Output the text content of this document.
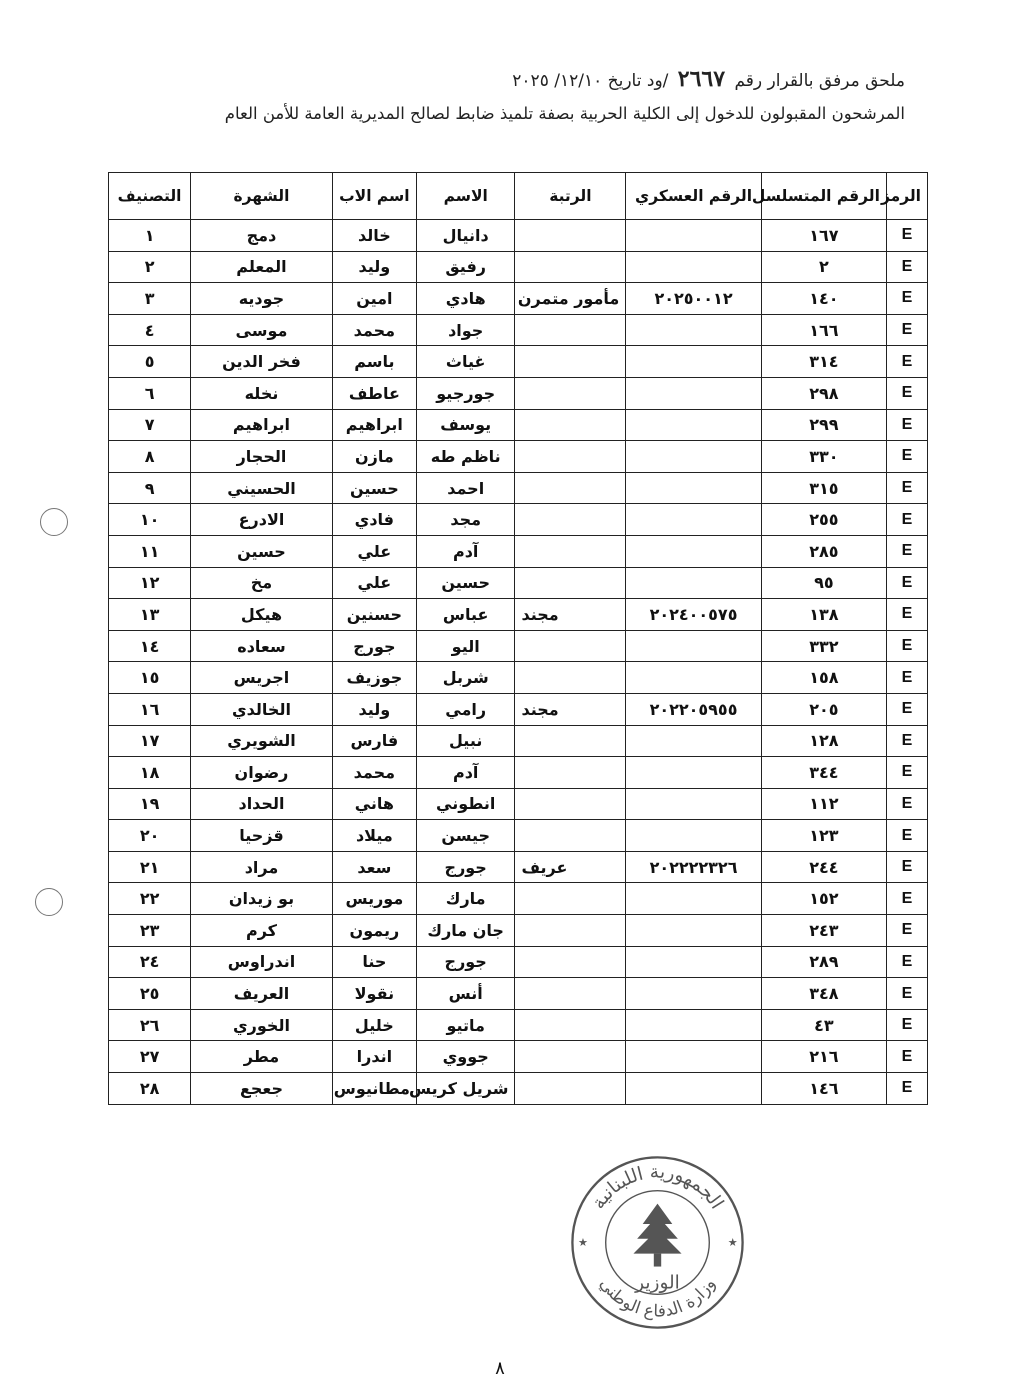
ملحق مرفق بالقرار رقم ٢٦٦٧ /ود تاريخ ١٢/١٠/ ٢٠٢٥
المرشحون المقبولون للدخول إلى الكلية الحربية بصفة تلميذ ضابط لصالح المديرية العامة للأمن العام
الرمز	الرقم المتسلسل	الرقم العسكري	الرتبة	الاسم	اسم الاب	الشهرة	التصنيف
E	١٦٧			دانيال	خالد	دمج	١
E	٢			رفيق	وليد	المعلم	٢
E	١٤٠	٢٠٢٥٠٠١٢	مأمور متمرن	هادي	امين	جوديه	٣
E	١٦٦			جواد	محمد	موسى	٤
E	٣١٤			غياث	باسم	فخر الدين	٥
E	٢٩٨			جورجيو	عاطف	نخله	٦
E	٢٩٩			يوسف	ابراهيم	ابراهيم	٧
E	٣٣٠			ناظم طه	مازن	الحجار	٨
E	٣١٥			احمد	حسين	الحسيني	٩
E	٢٥٥			مجد	فادي	الادرع	١٠
E	٢٨٥			آدم	علي	حسين	١١
E	٩٥			حسين	علي	مخ	١٢
E	١٣٨	٢٠٢٤٠٠٥٧٥	مجند	عباس	حسنين	هيكل	١٣
E	٣٣٢			اليو	جورج	سعاده	١٤
E	١٥٨			شربل	جوزيف	اجريس	١٥
E	٢٠٥	٢٠٢٢٠٥٩٥٥	مجند	رامي	وليد	الخالدي	١٦
E	١٢٨			نبيل	فارس	الشويري	١٧
E	٣٤٤			آدم	محمد	رضوان	١٨
E	١١٢			انطوني	هاني	الحداد	١٩
E	١٢٣			جيسن	ميلاد	قزحيا	٢٠
E	٢٤٤	٢٠٢٢٢٢٣٢٦	عريف	جورج	سعد	مراد	٢١
E	١٥٢			مارك	موريس	بو زيدان	٢٢
E	٢٤٣			جان مارك	ريمون	كرم	٢٣
E	٢٨٩			جورج	حنا	اندراوس	٢٤
E	٣٤٨			أنس	نقولا	العريف	٢٥
E	٤٣			ماتيو	خليل	الخوري	٢٦
E	٢١٦			جووي	اندرا	مطر	٢٧
E	١٤٦			شريل كريس	مطانيوس	جعجع	٢٨
الجمهورية اللبنانية
وزارة الدفاع الوطني
الوزير
★	★
٨
